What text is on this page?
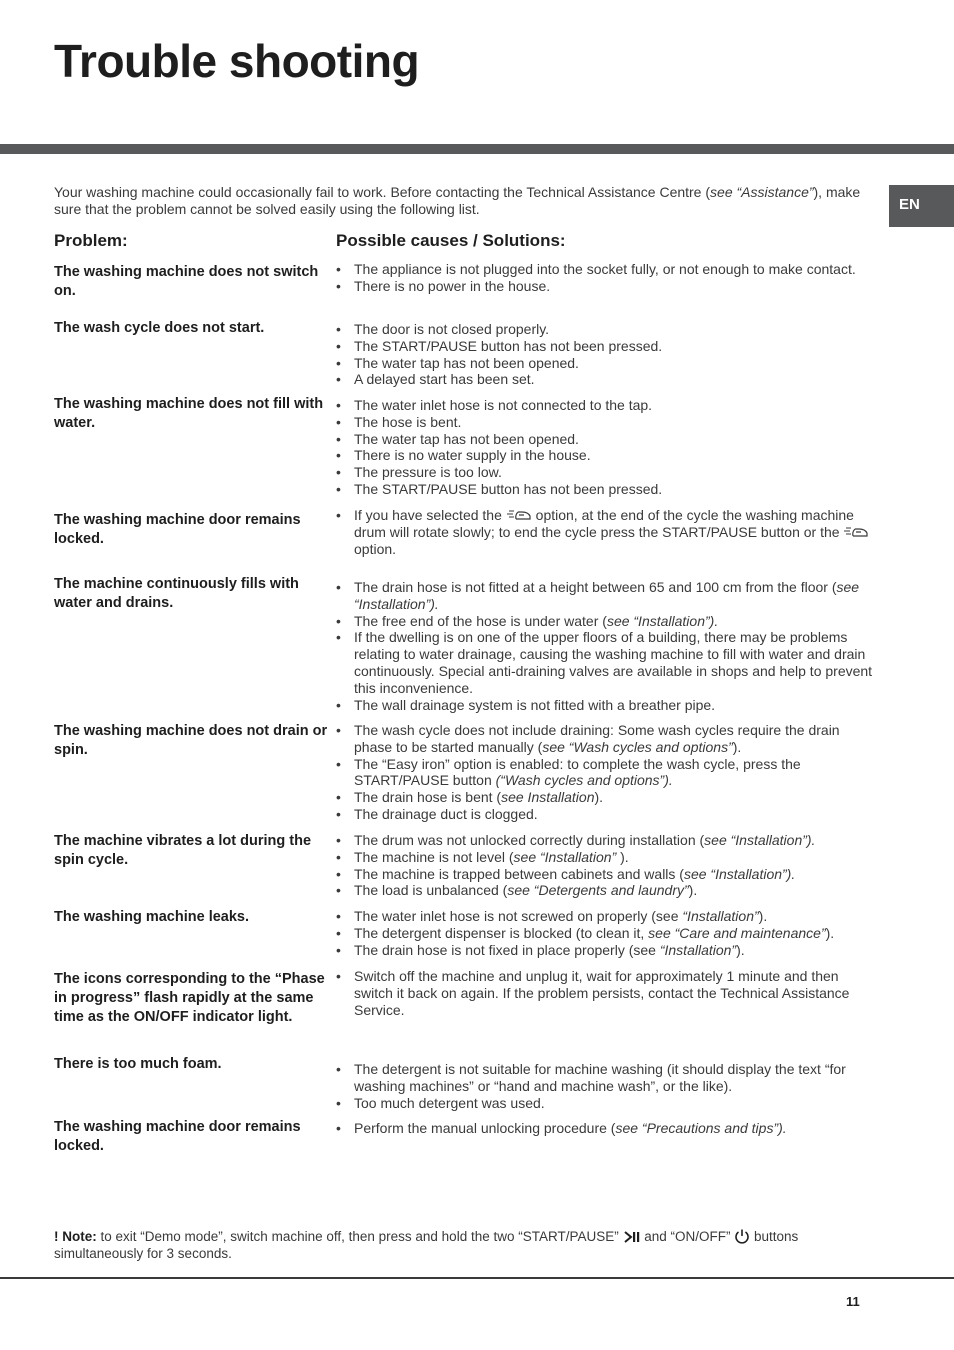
Trouble shooting
EN
Your washing machine could occasionally fail to work. Before contacting the Technical Assistance Centre (see “Assistance”), make sure that the problem cannot be solved easily using the following list.
Problem:	Possible causes / Solutions:
The washing machine does not switch on.
• The appliance is not plugged into the socket fully, or not enough to make contact.
• There is no power in the house.
The wash cycle does not start.	• The door is not closed properly.
• The START/PAUSE button has not been pressed.
• The water tap has not been opened.
• A delayed start has been set.
The washing machine does not fill with water.
• The water inlet hose is not connected to the tap.
• The hose is bent.
• The water tap has not been opened.
• There is no water supply in the house.
• The pressure is too low.
• The START/PAUSE button has not been pressed.
The washing machine door remains locked.
• If you have selected the  option, at the end of the cycle the washing machine drum will rotate slowly; to end the cycle press the START/PAUSE button or the  option.
The machine continuously fills with water and drains.
• The drain hose is not fitted at a height between 65 and 100 cm from the floor (see “Installation”).
• The free end of the hose is under water (see “Installation”).
• If the dwelling is on one of the upper floors of a building, there may be problems relating to water drainage, causing the washing machine to fill with water and drain continuously. Special anti-draining valves are available in shops and help to prevent this inconvenience.
• The wall drainage system is not fitted with a breather pipe.
The washing machine does not drain or spin.
• The wash cycle does not include draining: Some wash cycles require the drain phase to be started manually (see “Wash cycles and options”).
• The “Easy iron” option is enabled: to complete the wash cycle, press the START/PAUSE button (“Wash cycles and options”).
• The drain hose is bent (see Installation).
• The drainage duct is clogged.
The machine vibrates a lot during the spin cycle.
• The drum was not unlocked correctly during installation (see “Installation”).
• The machine is not level (see “Installation” ).
• The machine is trapped between cabinets and walls (see “Installation”).
• The load is unbalanced (see “Detergents and laundry”).
The washing machine leaks.	• The water inlet hose is not screwed on properly (see “Installation”).
• The detergent dispenser is blocked (to clean it, see “Care and maintenance”).
• The drain hose is not fixed in place properly (see “Installation”).
The icons corresponding to the “Phase in progress” flash rapidly at the same time as the ON/OFF indicator light.
• Switch off the machine and unplug it, wait for approximately 1 minute and then switch it back on again. If the problem persists, contact the Technical Assistance Service.
There is too much foam.	• The detergent is not suitable for machine washing (it should display the text “for washing machines” or “hand and machine wash”, or the like).
• Too much detergent was used.
The washing machine door remains locked.
• Perform the manual unlocking procedure (see “Precautions and tips”).
! Note: to exit “Demo mode”, switch machine off, then press and hold the two “START/PAUSE”  and “ON/OFF”  buttons simultaneously for 3 seconds.
11
